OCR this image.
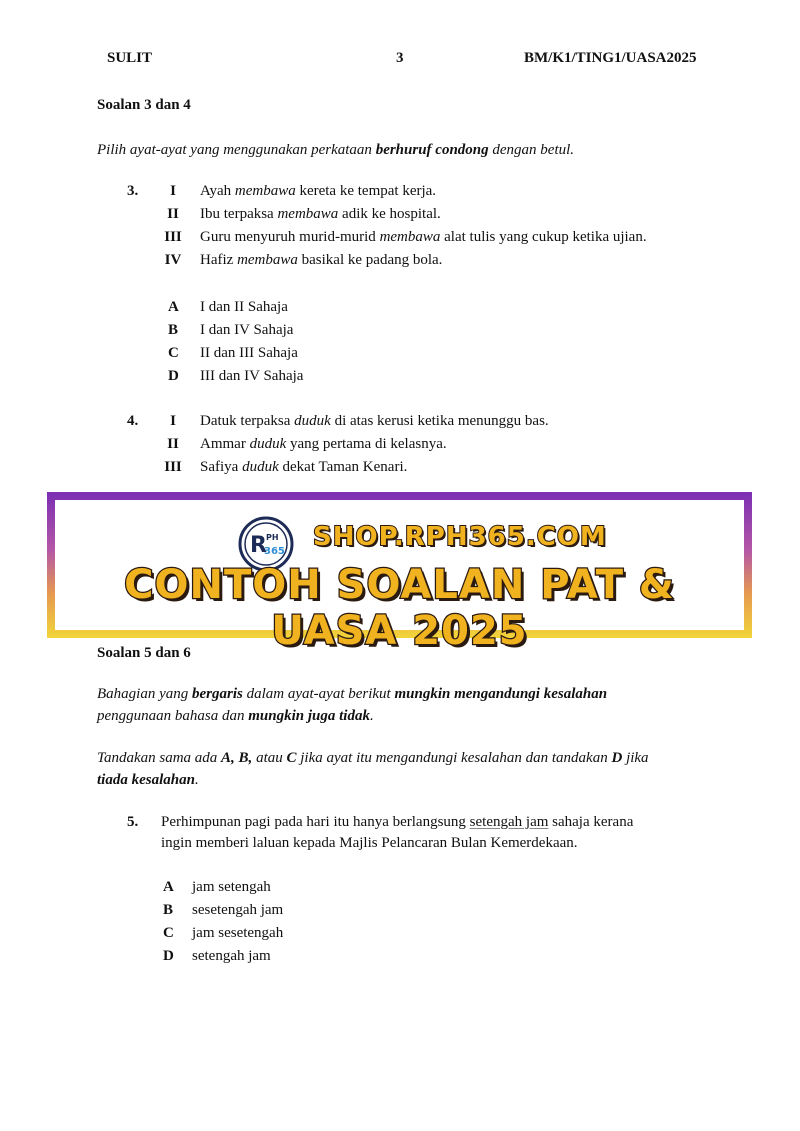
SULIT	3	BM/K1/TING1/UASA2025
Soalan 3 dan 4
Pilih ayat-ayat yang menggunakan perkataan berhuruf condong dengan betul.
3.	I	Ayah membawa kereta ke tempat kerja.
II	Ibu terpaksa membawa adik ke hospital.
III	Guru menyuruh murid-murid membawa alat tulis yang cukup ketika ujian.
IV	Hafiz membawa basikal ke padang bola.
A I dan II Sahaja
B I dan IV Sahaja
C II dan III Sahaja
D III dan IV Sahaja
4.	I	Datuk terpaksa duduk di atas kerusi ketika menunggu bas.
II	Ammar duduk yang pertama di kelasnya.
III	Safiya duduk dekat Taman Kenari.
R PH
365 SHOP.RPH365.COM
CONTOH SOALAN PAT & UASA 2025
Soalan 5 dan 6
Bahagian yang bergaris dalam ayat-ayat berikut mungkin mengandungi kesalahan
penggunaan bahasa dan mungkin juga tidak.
Tandakan sama ada A, B, atau C jika ayat itu mengandungi kesalahan dan tandakan D jika
tiada kesalahan.
5. Perhimpunan pagi pada hari itu hanya berlangsung setengah jam sahaja kerana
ingin memberi laluan kepada Majlis Pelancaran Bulan Kemerdekaan.
A jam setengah
B sesetengah jam
C jam sesetengah
D setengah jam
